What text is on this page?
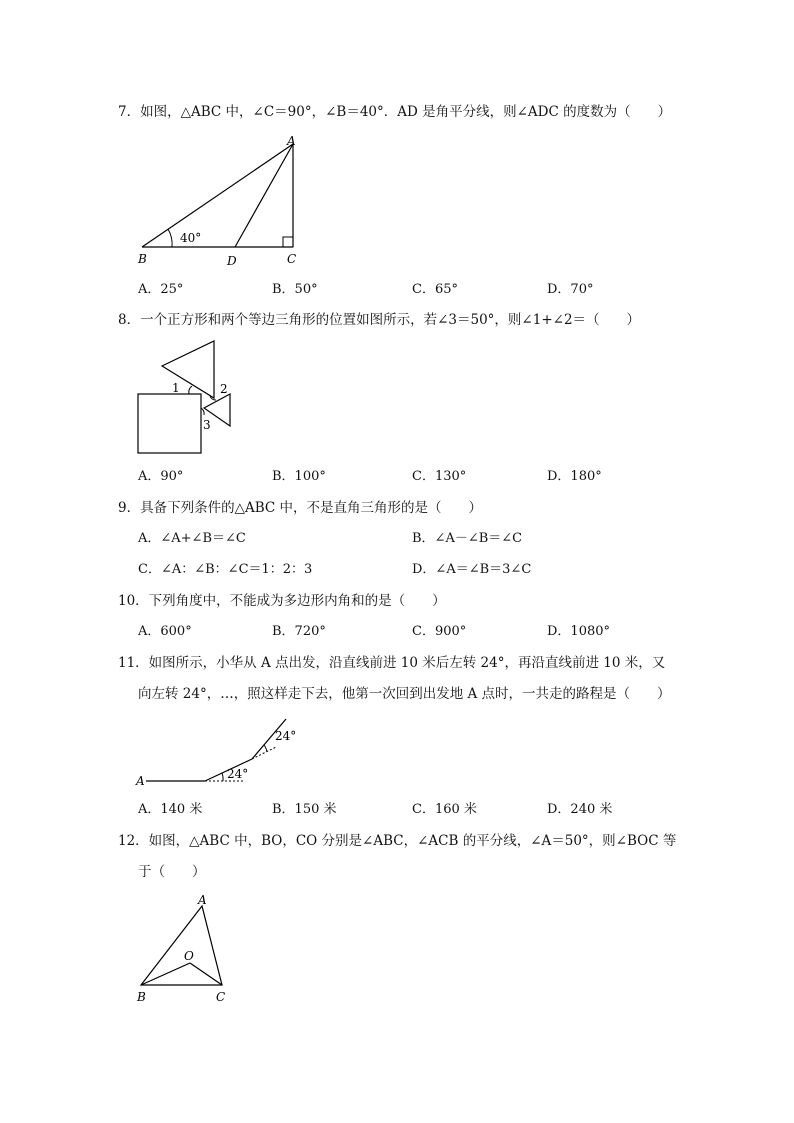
7．如图，△ABC 中，∠C＝90°，∠B＝40°．AD 是角平分线，则∠ADC 的度数为（　　）
40°
A
B	C
D
A．25°	B．50°	C．65°	D．70°
8．一个正方形和两个等边三角形的位置如图所示，若∠3＝50°，则∠1+∠2＝（　　）
1	2
3
A．90°	B．100°	C．130°	D．180°
9．具备下列条件的△ABC 中，不是直角三角形的是（　　）
A．∠A+∠B＝∠C	B．∠A－∠B＝∠C
C．∠A：∠B：∠C＝1：2：3	D．∠A＝∠B＝3∠C
10．下列角度中，不能成为多边形内角和的是（　　）
A．600°	B．720°	C．900°	D．1080°
11．如图所示，小华从 A 点出发，沿直线前进 10 米后左转 24°，再沿直线前进 10 米，又
向左转 24°，…，照这样走下去，他第一次回到出发地 A 点时，一共走的路程是（　　）
A	24°
24°
A．140 米	B．150 米	C．160 米	D．240 米
12．如图，△ABC 中，BO，CO 分别是∠ABC，∠ACB 的平分线，∠A＝50°，则∠BOC 等
于（　　）
A
B	C
O
